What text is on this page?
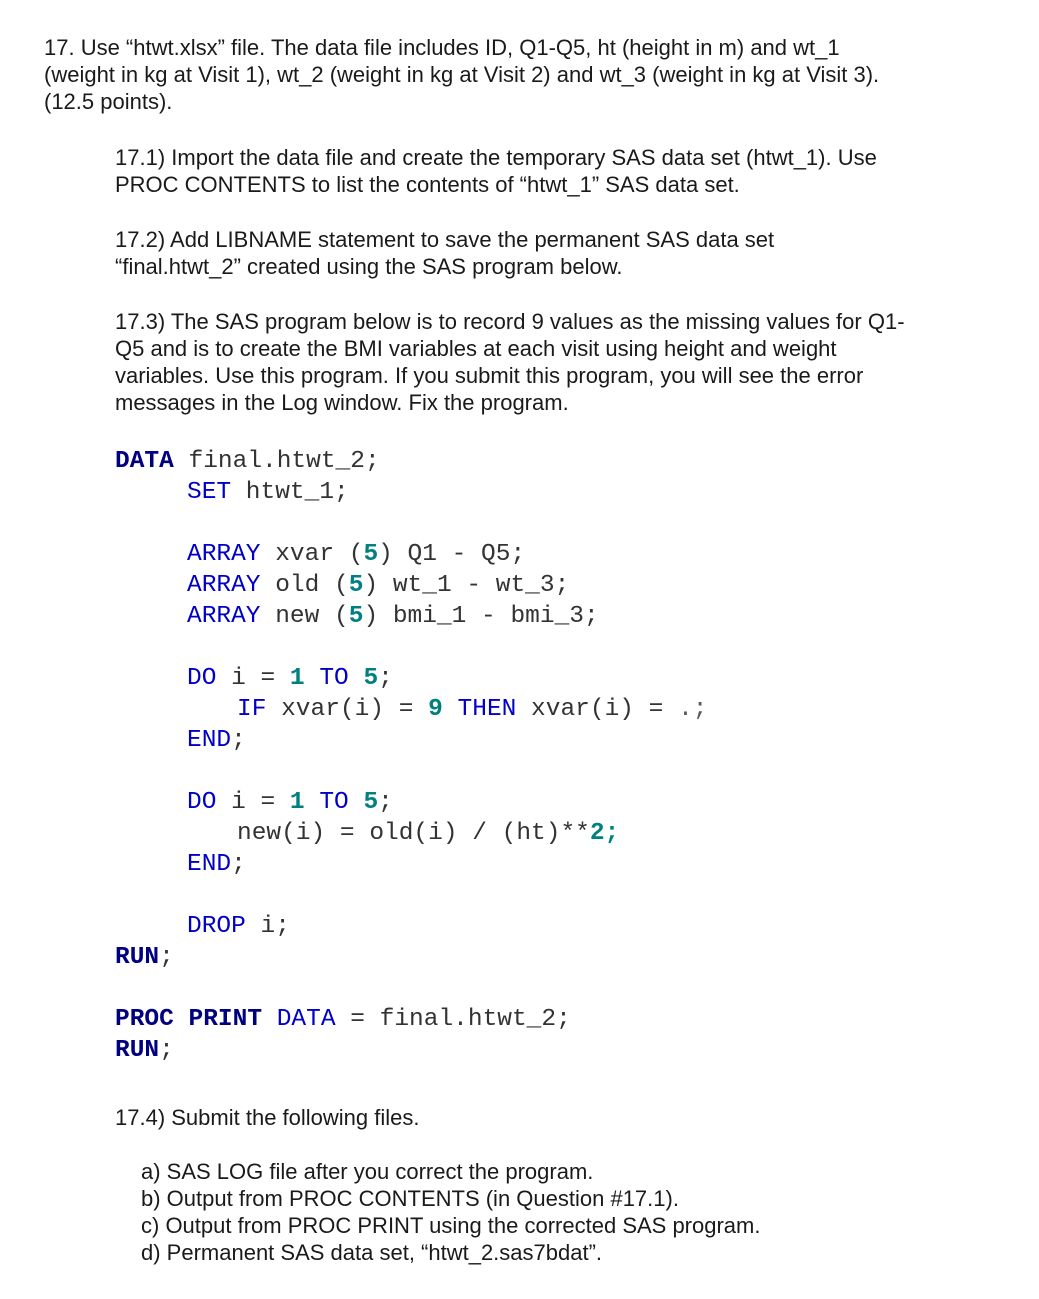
17. Use “htwt.xlsx” file. The data file includes ID, Q1-Q5, ht (height in m) and wt_1
(weight in kg at Visit 1), wt_2 (weight in kg at Visit 2) and wt_3 (weight in kg at Visit 3).
(12.5 points).
17.1) Import the data file and create the temporary SAS data set (htwt_1). Use
PROC CONTENTS to list the contents of “htwt_1” SAS data set.
17.2) Add LIBNAME statement to save the permanent SAS data set
“final.htwt_2” created using the SAS program below.
17.3) The SAS program below is to record 9 values as the missing values for Q1-
Q5 and is to create the BMI variables at each visit using height and weight
variables. Use this program. If you submit this program, you will see the error
messages in the Log window. Fix the program.
DATA final.htwt_2;
SET htwt_1;

ARRAY xvar (5) Q1 - Q5;
ARRAY old (5) wt_1 - wt_3;
ARRAY new (5) bmi_1 - bmi_3;

DO i = 1 TO 5;
IF xvar(i) = 9 THEN xvar(i) = .;
END;

DO i = 1 TO 5;
new(i) = old(i) / (ht)**2;
END;

DROP i;
RUN;

PROC PRINT DATA = final.htwt_2;
RUN;
17.4) Submit the following files.
a) SAS LOG file after you correct the program.
b) Output from PROC CONTENTS (in Question #17.1).
c) Output from PROC PRINT using the corrected SAS program.
d) Permanent SAS data set, “htwt_2.sas7bdat”.
